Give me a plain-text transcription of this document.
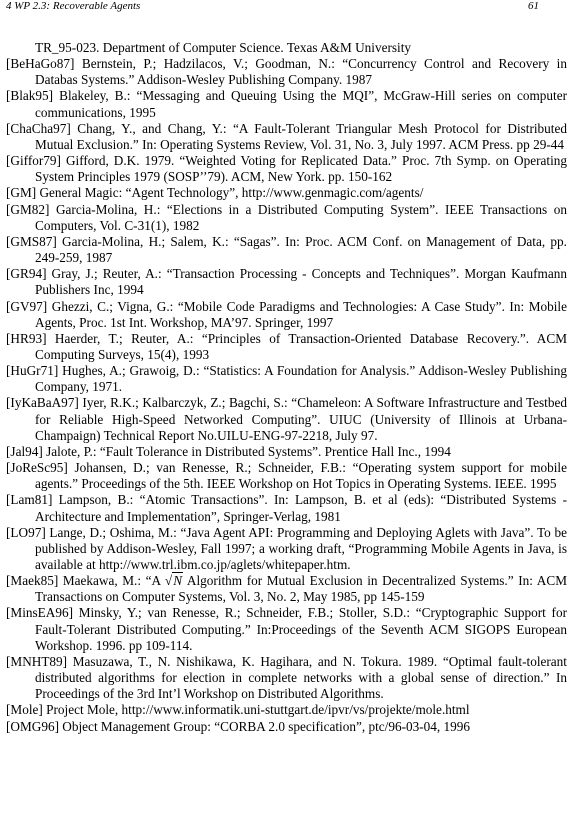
4 WP 2.3: Recoverable Agents	61

TR_95-023. Department of Computer Science. Texas A&M University

[BeHaGo87] Bernstein, P.; Hadzilacos, V.; Goodman, N.: “Concurrency Control and Recovery in Databas Systems.” Addison-Wesley Publishing Company. 1987

[Blak95] Blakeley, B.: “Messaging and Queuing Using the MQI”, McGraw-Hill series on computer communications, 1995

[ChaCha97] Chang, Y., and Chang, Y.: “A Fault-Tolerant Triangular Mesh Protocol for Distributed Mutual Exclusion.” In: Operating Systems Review, Vol. 31, No. 3, July 1997. ACM Press. pp 29-44

[Giffor79] Gifford, D.K. 1979. “Weighted Voting for Replicated Data.” Proc. 7th Symp. on Operating System Principles 1979 (SOSP’’79). ACM, New York. pp. 150-162

[GM] General Magic: “Agent Technology”, http://www.genmagic.com/agents/

[GM82] Garcia-Molina, H.: “Elections in a Distributed Computing System”. IEEE Transactions on Computers, Vol. C-31(1), 1982

[GMS87] Garcia-Molina, H.; Salem, K.: “Sagas”. In: Proc. ACM Conf. on Management of Data, pp. 249-259, 1987

[GR94] Gray, J.; Reuter, A.: “Transaction Processing - Concepts and Techniques”. Morgan Kaufmann Publishers Inc, 1994

[GV97] Ghezzi, C.; Vigna, G.: “Mobile Code Paradigms and Technologies: A Case Study”. In: Mobile Agents, Proc. 1st Int. Workshop, MA’97. Springer, 1997

[HR93] Haerder, T.; Reuter, A.: “Principles of Transaction-Oriented Database Recovery.”. ACM Computing Surveys, 15(4), 1993

[HuGr71] Hughes, A.; Grawoig, D.: “Statistics: A Foundation for Analysis.” Addison-Wesley Publishing Company, 1971.

[IyKaBaA97] Iyer, R.K.; Kalbarczyk, Z.; Bagchi, S.: “Chameleon: A Software Infrastructure and Testbed for Reliable High-Speed Networked Computing”. UIUC (University of Illinois at Urbana-Champaign) Technical Report No.UILU-ENG-97-2218, July 97.

[Jal94] Jalote, P.: “Fault Tolerance in Distributed Systems”. Prentice Hall Inc., 1994

[JoReSc95] Johansen, D.; van Renesse, R.; Schneider, F.B.: “Operating system support for mobile agents.” Proceedings of the 5th. IEEE Workshop on Hot Topics in Operating Systems. IEEE. 1995

[Lam81] Lampson, B.: “Atomic Transactions”. In: Lampson, B. et al (eds): “Distributed Systems - Architecture and Implementation”, Springer-Verlag, 1981

[LO97] Lange, D.; Oshima, M.: “Java Agent API: Programming and Deploying Aglets with Java”. To be published by Addison-Wesley, Fall 1997; a working draft, “Programming Mobile Agents in Java, is available at http://www.trl.ibm.co.jp/aglets/whitepaper.htm.

[Maek85] Maekawa, M.: “A √N Algorithm for Mutual Exclusion in Decentralized Systems.” In: ACM Transactions on Computer Systems, Vol. 3, No. 2, May 1985, pp 145-159

[MinsEA96] Minsky, Y.; van Renesse, R.; Schneider, F.B.; Stoller, S.D.: “Cryptographic Support for Fault-Tolerant Distributed Computing.” In:Proceedings of the Seventh ACM SIGOPS European Workshop. 1996. pp 109-114.

[MNHT89] Masuzawa, T., N. Nishikawa, K. Hagihara, and N. Tokura. 1989. “Optimal fault-tolerant distributed algorithms for election in complete networks with a global sense of direction.” In Proceedings of the 3rd Int’l Workshop on Distributed Algorithms.

[Mole] Project Mole, http://www.informatik.uni-stuttgart.de/ipvr/vs/projekte/mole.html

[OMG96] Object Management Group: “CORBA 2.0 specification”, ptc/96-03-04, 1996
